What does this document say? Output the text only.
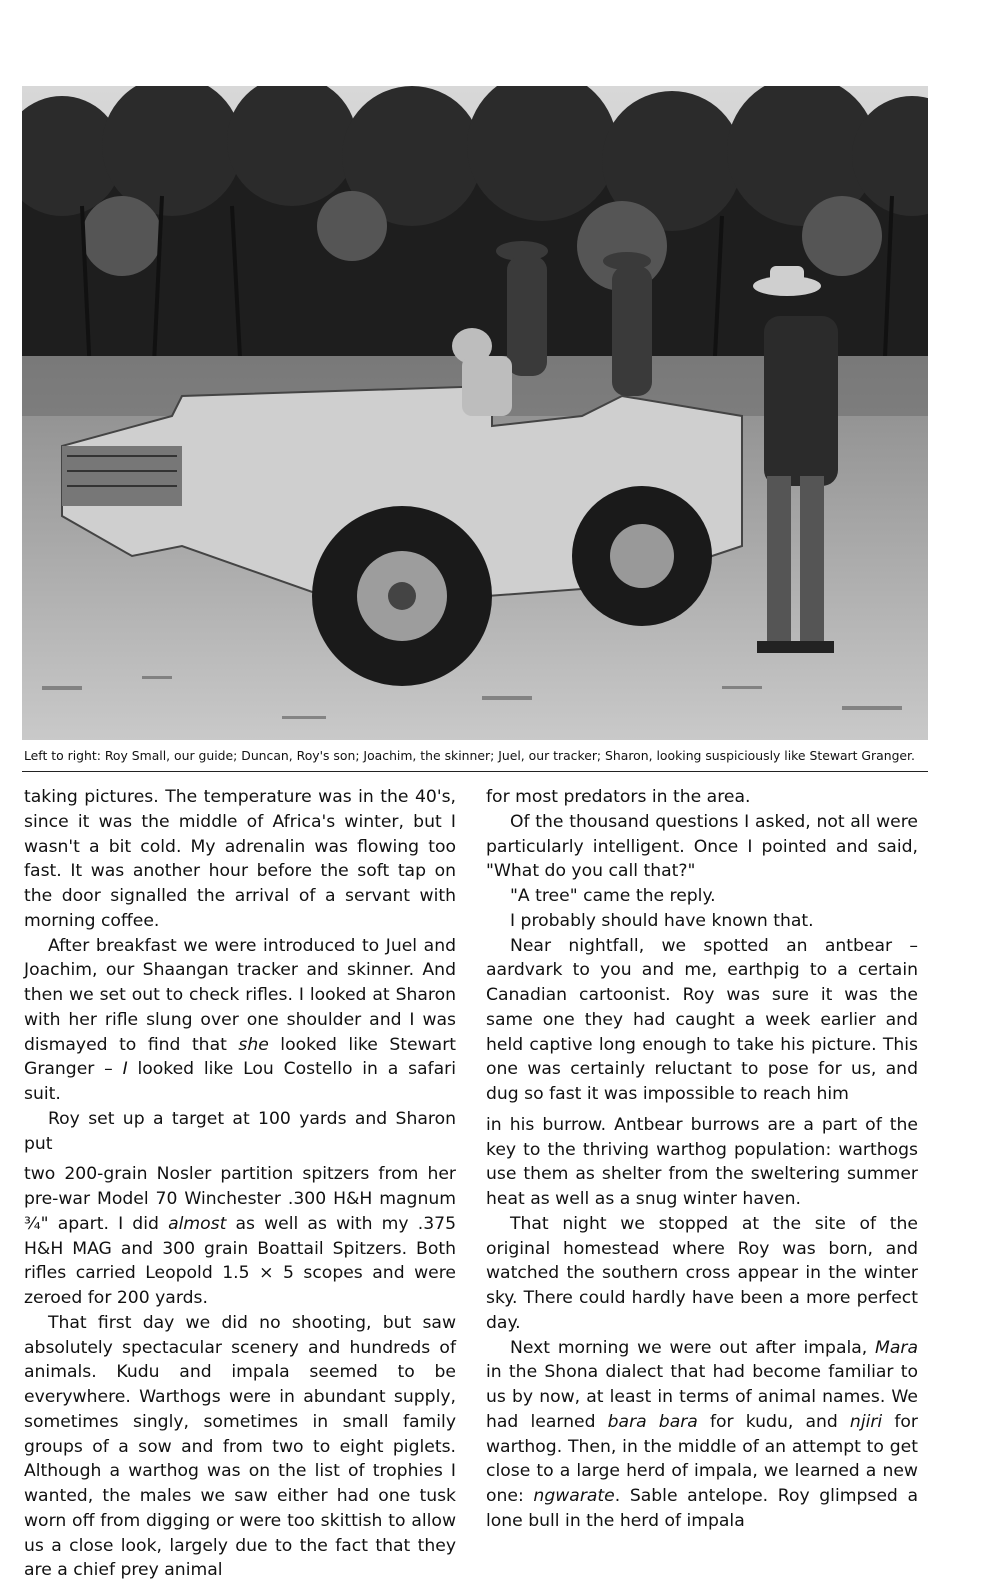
Left to right: Roy Small, our guide; Duncan, Roy's son; Joachim, the skinner; Juel, our tracker; Sharon, looking suspiciously like Stewart Granger.

taking pictures. The temperature was in the 40's, since it was the middle of Africa's winter, but I wasn't a bit cold. My adrenalin was flowing too fast. It was another hour before the soft tap on the door signalled the arrival of a servant with morning coffee.

After breakfast we were introduced to Juel and Joachim, our Shaangan tracker and skinner. And then we set out to check rifles. I looked at Sharon with her rifle slung over one shoulder and I was dismayed to find that she looked like Stewart Granger – I looked like Lou Costello in a safari suit.

Roy set up a target at 100 yards and Sharon put

two 200-grain Nosler partition spitzers from her pre-war Model 70 Winchester .300 H&H magnum ¾" apart. I did almost as well as with my .375 H&H MAG and 300 grain Boattail Spitzers. Both rifles carried Leopold 1.5 × 5 scopes and were zeroed for 200 yards.

That first day we did no shooting, but saw absolutely spectacular scenery and hundreds of animals. Kudu and impala seemed to be everywhere. Warthogs were in abundant supply, sometimes singly, sometimes in small family groups of a sow and from two to eight piglets. Although a warthog was on the list of trophies I wanted, the males we saw either had one tusk worn off from digging or were too skittish to allow us a close look, largely due to the fact that they are a chief prey animal

for most predators in the area.

Of the thousand questions I asked, not all were particularly intelligent. Once I pointed and said, "What do you call that?"

"A tree" came the reply.

I probably should have known that.

Near nightfall, we spotted an antbear – aardvark to you and me, earthpig to a certain Canadian cartoonist. Roy was sure it was the same one they had caught a week earlier and held captive long enough to take his picture. This one was certainly reluctant to pose for us, and dug so fast it was impossible to reach him

in his burrow. Antbear burrows are a part of the key to the thriving warthog population: warthogs use them as shelter from the sweltering summer heat as well as a snug winter haven.

That night we stopped at the site of the original homestead where Roy was born, and watched the southern cross appear in the winter sky. There could hardly have been a more perfect day.

Next morning we were out after impala, Mara in the Shona dialect that had become familiar to us by now, at least in terms of animal names. We had learned bara bara for kudu, and njiri for warthog. Then, in the middle of an attempt to get close to a large herd of impala, we learned a new one: ngwarate. Sable antelope. Roy glimpsed a lone bull in the herd of impala
